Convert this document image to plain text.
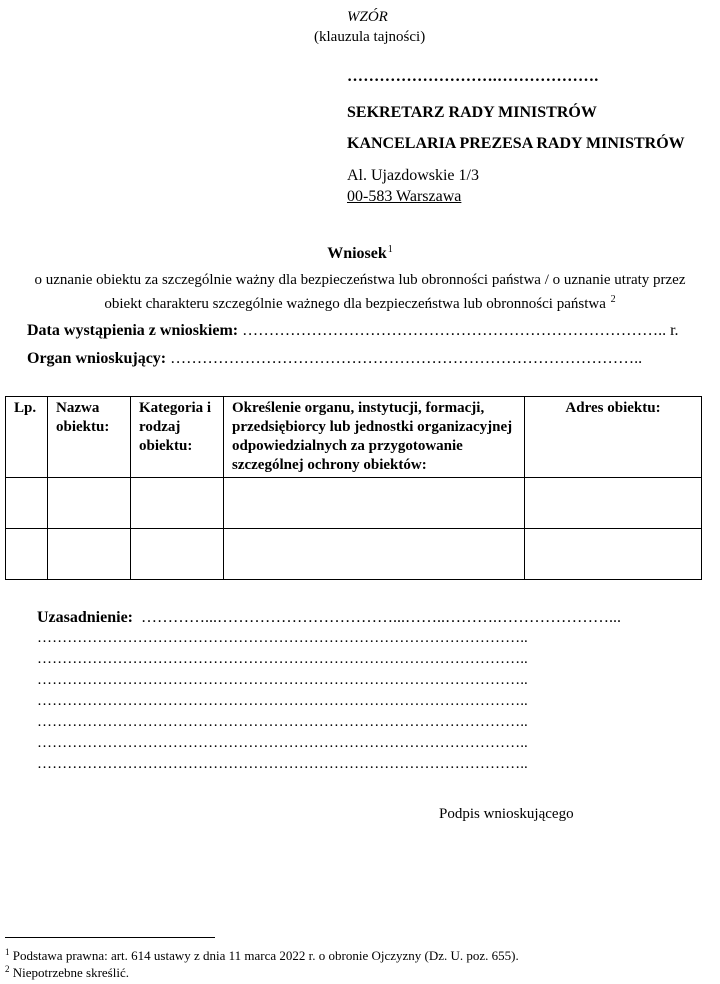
WZÓR
(klauzula tajności)
……………………….……………….
SEKRETARZ RADY MINISTRÓW
KANCELARIA PREZESA RADY MINISTRÓW
Al. Ujazdowskie 1/3
00-583 Warszawa
Wniosek$^1$
o uznanie obiektu za szczególnie ważny dla bezpieczeństwa lub obronności państwa / o uznanie utraty przez
obiekt charakteru szczególnie ważnego dla bezpieczeństwa lub obronności państwa $^2$
Data wystąpienia z wnioskiem: …………………………………………………………………….. r.
Organ wnioskujący: ……………………………………………………………………………..
Lp.	Nazwa obiektu:	Kategoria i rodzaj obiektu:	Określenie organu, instytucji, formacji, przedsiębiorcy lub jednostki organizacyjnej odpowiedzialnych za przygotowanie szczególnej ochrony obiektów:	Adres obiektu:

Uzasadnienie: …………...……………………………...……..……….…………………...
……………………………………………………………………………………..
……………………………………………………………………………………..
……………………………………………………………………………………..
……………………………………………………………………………………..
……………………………………………………………………………………..
……………………………………………………………………………………..
……………………………………………………………………………………..
Podpis wnioskującego
$^1$ Podstawa prawna: art. 614 ustawy z dnia 11 marca 2022 r. o obronie Ojczyzny (Dz. U. poz. 655).
$^2$ Niepotrzebne skreślić.
